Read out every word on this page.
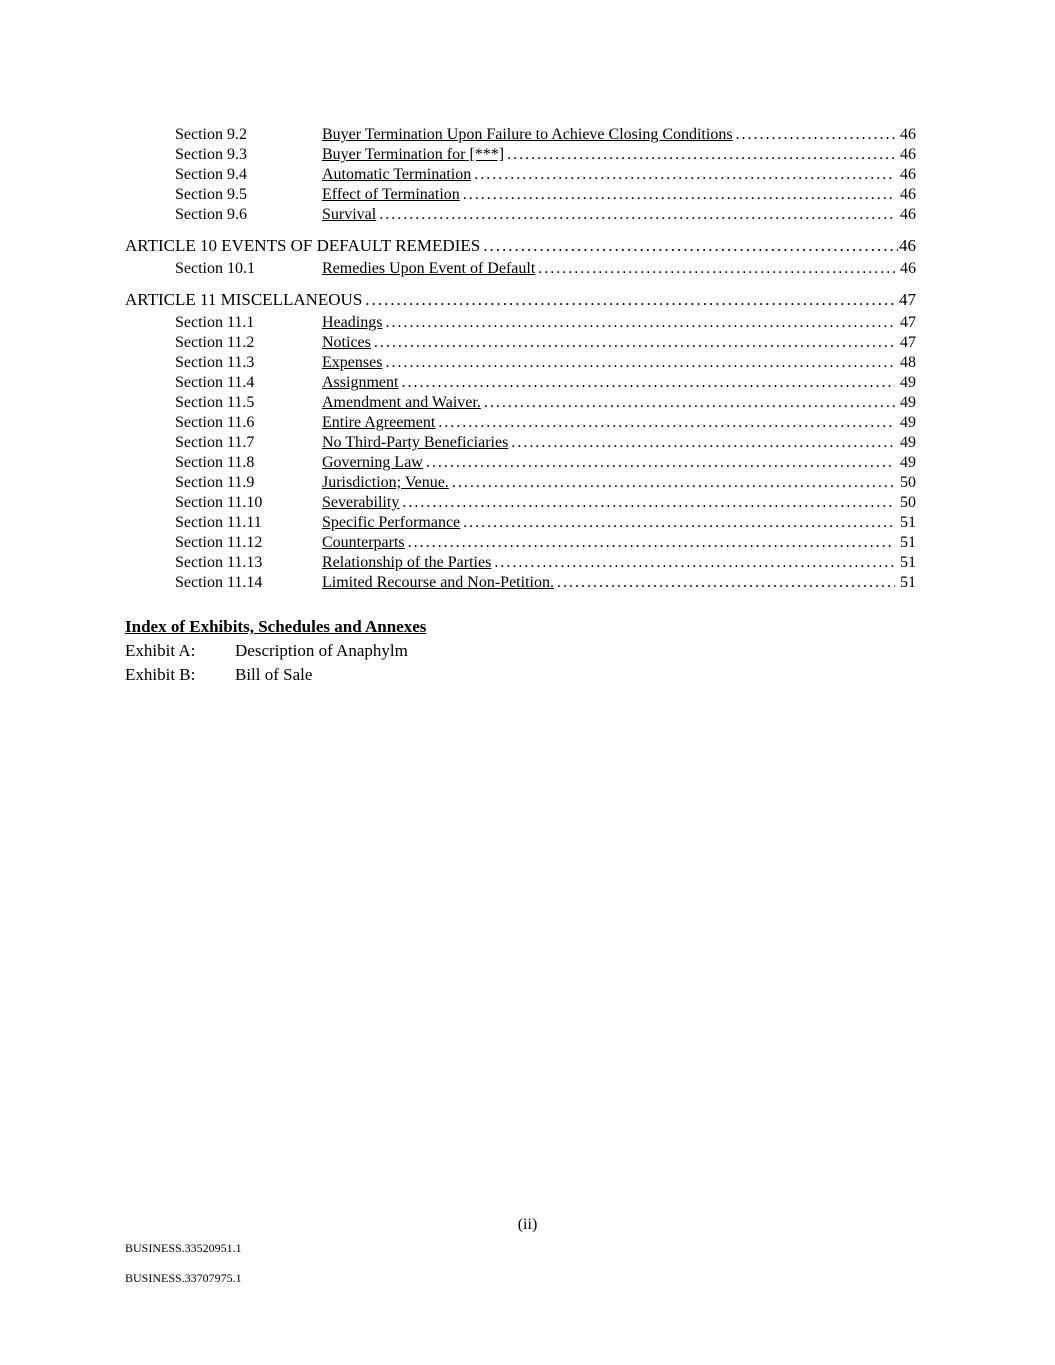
Section 9.2	Buyer Termination Upon Failure to Achieve Closing Conditions .....	46
Section 9.3	Buyer Termination for [***] .....	46
Section 9.4	Automatic Termination .....	46
Section 9.5	Effect of Termination .....	46
Section 9.6	Survival .....	46
ARTICLE 10 EVENTS OF DEFAULT REMEDIES .....	46
Section 10.1	Remedies Upon Event of Default .....	46
ARTICLE 11 MISCELLANEOUS .....	47
Section 11.1	Headings .....	47
Section 11.2	Notices .....	47
Section 11.3	Expenses .....	48
Section 11.4	Assignment .....	49
Section 11.5	Amendment and Waiver. .....	49
Section 11.6	Entire Agreement .....	49
Section 11.7	No Third-Party Beneficiaries .....	49
Section 11.8	Governing Law .....	49
Section 11.9	Jurisdiction; Venue. .....	50
Section 11.10	Severability .....	50
Section 11.11	Specific Performance .....	51
Section 11.12	Counterparts .....	51
Section 11.13	Relationship of the Parties .....	51
Section 11.14	Limited Recourse and Non-Petition. .....	51
Index of Exhibits, Schedules and Annexes
Exhibit A:	Description of Anaphylm
Exhibit B:	Bill of Sale
(ii)
BUSINESS.33520951.1
BUSINESS.33707975.1
